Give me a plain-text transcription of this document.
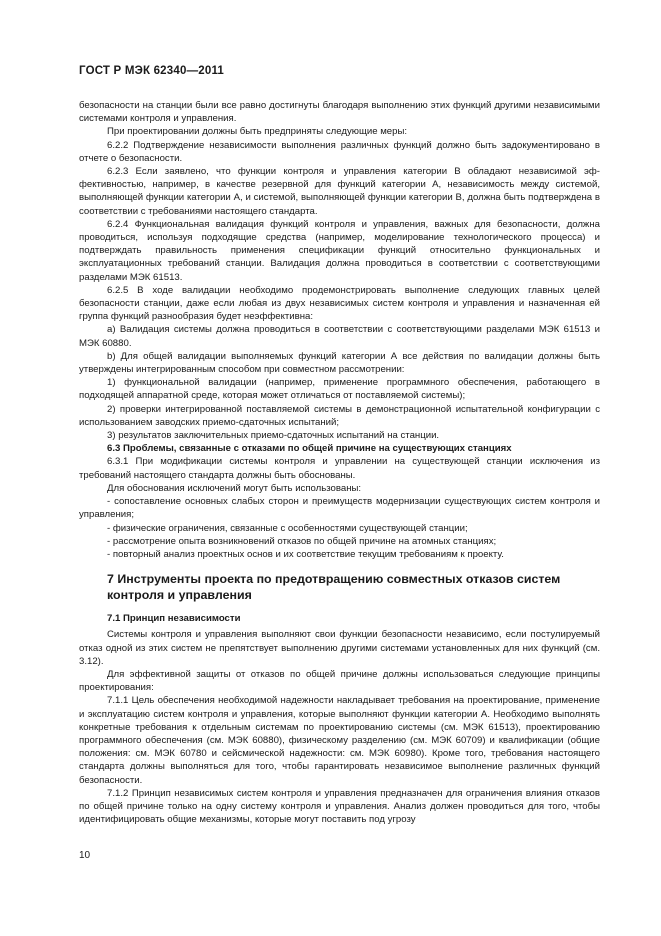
ГОСТ Р МЭК 62340—2011

безопасности на станции были все равно достигнуты благодаря выполнению этих функций другими независимыми системами контроля и управления.

При проектировании должны быть предприняты следующие меры:

6.2.2 Подтверждение независимости выполнения различных функций должно быть задокументировано в отчете о безопасности.

6.2.3 Если заявлено, что функции контроля и управления категории В обладают независимой эффективностью, например, в качестве резервной для функций категории А, независимость между системой, выполняющей функции категории А, и системой, выполняющей функции категории В, должна быть подтверждена в соответствии с требованиями настоящего стандарта.

6.2.4 Функциональная валидация функций контроля и управления, важных для безопасности, должна проводиться, используя подходящие средства (например, моделирование технологического процесса) и подтверждать правильность применения спецификации функций относительно функциональных и эксплуатационных требований станции. Валидация должна проводиться в соответствии с соответствующими разделами МЭК 61513.

6.2.5 В ходе валидации необходимо продемонстрировать выполнение следующих главных целей безопасности станции, даже если любая из двух независимых систем контроля и управления и назначенная ей группа функций разнообразия будет неэффективна:

а) Валидация системы должна проводиться в соответствии с соответствующими разделами МЭК 61513 и МЭК 60880.

b) Для общей валидации выполняемых функций категории А все действия по валидации должны быть утверждены интегрированным способом при совместном рассмотрении:

1) функциональной валидации (например, применение программного обеспечения, работающего в подходящей аппаратной среде, которая может отличаться от поставляемой системы);

2) проверки интегрированной поставляемой системы в демонстрационной испытательной конфигурации с использованием заводских приемо-сдаточных испытаний;

3) результатов заключительных приемо-сдаточных испытаний на станции.

6.3 Проблемы, связанные с отказами по общей причине на существующих станциях

6.3.1 При модификации системы контроля и управлении на существующей станции исключения из требований настоящего стандарта должны быть обоснованы.

Для обоснования исключений могут быть использованы:

- сопоставление основных слабых сторон и преимуществ модернизации существующих систем контроля и управления;

- физические ограничения, связанные с особенностями существующей станции;

- рассмотрение опыта возникновений отказов по общей причине на атомных станциях;

- повторный анализ проектных основ и их соответствие текущим требованиям к проекту.

7 Инструменты проекта по предотвращению совместных отказов систем контроля и управления
7.1 Принцип независимости

Системы контроля и управления выполняют свои функции безопасности независимо, если постулируемый отказ одной из этих систем не препятствует выполнению другими системами установленных для них функций (см. 3.12).

Для эффективной защиты от отказов по общей причине должны использоваться следующие принципы проектирования:

7.1.1 Цель обеспечения необходимой надежности накладывает требования на проектирование, применение и эксплуатацию систем контроля и управления, которые выполняют функции категории А. Необходимо выполнять конкретные требования к отдельным системам по проектированию системы (см. МЭК 61513), проектированию программного обеспечения (см. МЭК 60880), физическому разделению (см. МЭК 60709) и квалификации (общие положения: см. МЭК 60780 и сейсмической надежности: см. МЭК 60980). Кроме того, требования настоящего стандарта должны выполняться для того, чтобы гарантировать независимое выполнение различных функций безопасности.

7.1.2 Принцип независимых систем контроля и управления предназначен для ограничения влияния отказов по общей причине только на одну систему контроля и управления. Анализ должен проводиться для того, чтобы идентифицировать общие механизмы, которые могут поставить под угрозу

10
